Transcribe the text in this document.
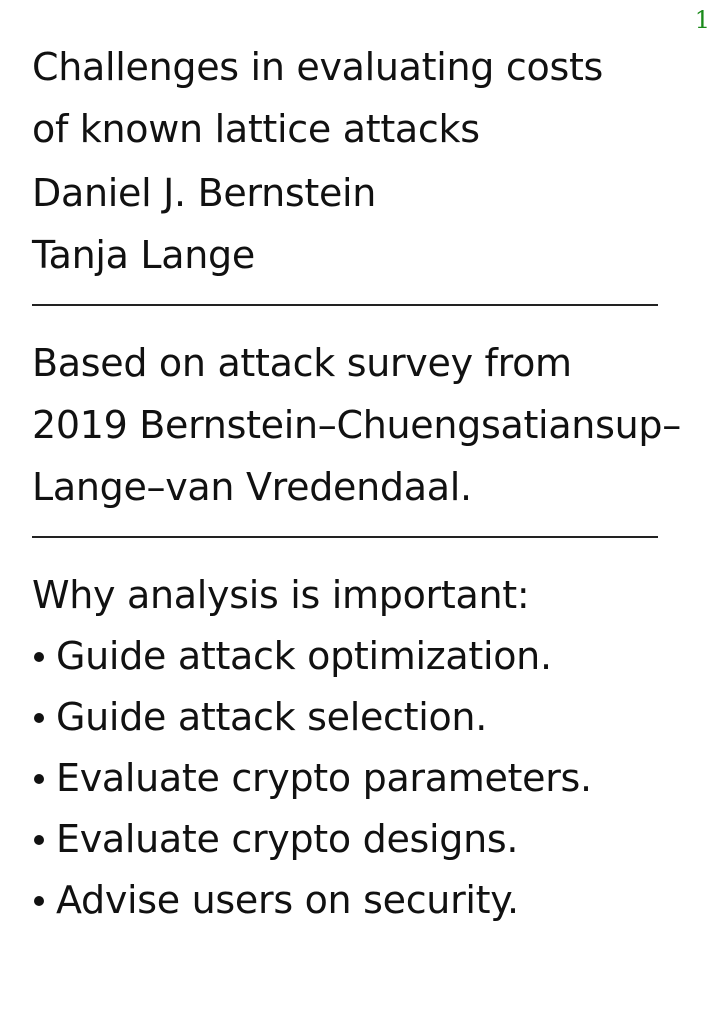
1
Challenges in evaluating costs
of known lattice attacks
Daniel J. Bernstein
Tanja Lange
Based on attack survey from
2019 Bernstein–Chuengsatiansup–
Lange–van Vredendaal.
Why analysis is important:
Guide attack optimization.
Guide attack selection.
Evaluate crypto parameters.
Evaluate crypto designs.
Advise users on security.
